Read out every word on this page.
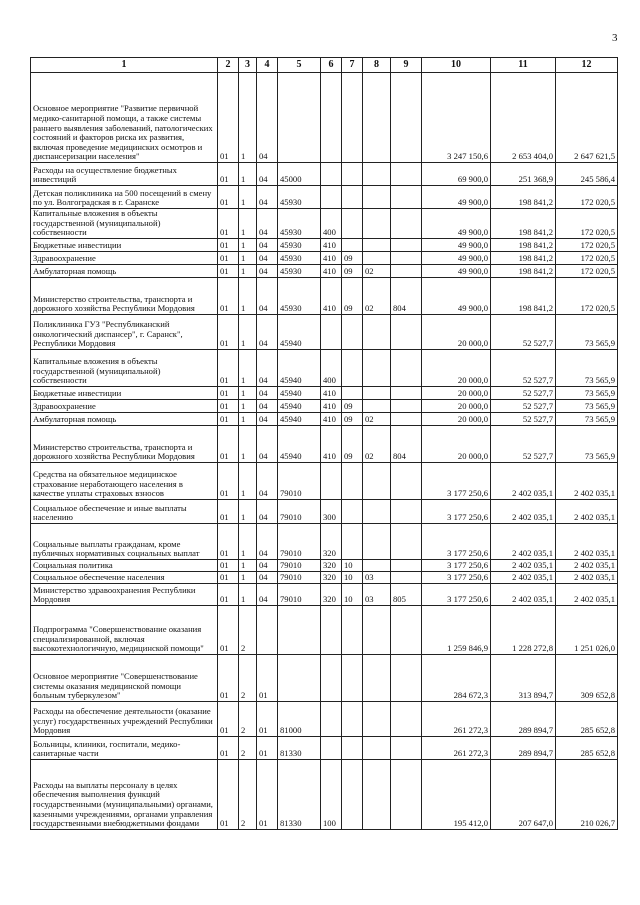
3
1	2	3	4	5	6	7	8	9	10	11	12
Основное мероприятие "Развитие первичной медико-санитарной помощи, а также системы раннего выявления заболеваний, патологических состояний и факторов риска их развития, включая проведение медицинских осмотров и диспансеризации населения"	01	1	04						3 247 150,6	2 653 404,0	2 647 621,5
Расходы на осуществление бюджетных инвестиций	01	1	04	45000					69 900,0	251 368,9	245 586,4
Детская поликлиника на 500 посещений в смену по ул. Волгоградская в г. Саранске	01	1	04	45930					49 900,0	198 841,2	172 020,5
Капитальные вложения в объекты государственной (муниципальной) собственности	01	1	04	45930	400				49 900,0	198 841,2	172 020,5
Бюджетные инвестиции	01	1	04	45930	410				49 900,0	198 841,2	172 020,5
Здравоохранение	01	1	04	45930	410	09			49 900,0	198 841,2	172 020,5
Амбулаторная помощь	01	1	04	45930	410	09	02		49 900,0	198 841,2	172 020,5
Министерство строительства, транспорта и дорожного хозяйства Республики Мордовия	01	1	04	45930	410	09	02	804	49 900,0	198 841,2	172 020,5
Поликлиника ГУЗ "Республиканский онкологический диспансер", г. Саранск", Республики Мордовия	01	1	04	45940					20 000,0	52 527,7	73 565,9
Капитальные вложения в объекты государственной (муниципальной) собственности	01	1	04	45940	400				20 000,0	52 527,7	73 565,9
Бюджетные инвестиции	01	1	04	45940	410				20 000,0	52 527,7	73 565,9
Здравоохранение	01	1	04	45940	410	09			20 000,0	52 527,7	73 565,9
Амбулаторная помощь	01	1	04	45940	410	09	02		20 000,0	52 527,7	73 565,9
Министерство строительства, транспорта и дорожного хозяйства Республики Мордовия	01	1	04	45940	410	09	02	804	20 000,0	52 527,7	73 565,9
Средства на обязательное медицинское страхование неработающего населения в качестве уплаты страховых взносов	01	1	04	79010					3 177 250,6	2 402 035,1	2 402 035,1
Социальное обеспечение и иные выплаты населению	01	1	04	79010	300				3 177 250,6	2 402 035,1	2 402 035,1
Социальные выплаты гражданам, кроме публичных нормативных социальных выплат	01	1	04	79010	320				3 177 250,6	2 402 035,1	2 402 035,1
Социальная политика	01	1	04	79010	320	10			3 177 250,6	2 402 035,1	2 402 035,1
Социальное обеспечение населения	01	1	04	79010	320	10	03		3 177 250,6	2 402 035,1	2 402 035,1
Министерство здравоохранения Республики Мордовия	01	1	04	79010	320	10	03	805	3 177 250,6	2 402 035,1	2 402 035,1
Подпрограмма "Совершенствование оказания специализированной, включая высокотехнологичную, медицинской помощи"	01	2							1 259 846,9	1 228 272,8	1 251 026,0
Основное мероприятие "Совершенствование системы оказания медицинской помощи больным туберкулезом"	01	2	01						284 672,3	313 894,7	309 652,8
Расходы на обеспечение деятельности (оказание услуг) государственных учреждений Республики Мордовия	01	2	01	81000					261 272,3	289 894,7	285 652,8
Больницы, клиники, госпитали, медико-санитарные части	01	2	01	81330					261 272,3	289 894,7	285 652,8
Расходы на выплаты персоналу в целях обеспечения выполнения функций государственными (муниципальными) органами, казенными учреждениями, органами управления государственными внебюджетными фондами	01	2	01	81330	100				195 412,0	207 647,0	210 026,7
